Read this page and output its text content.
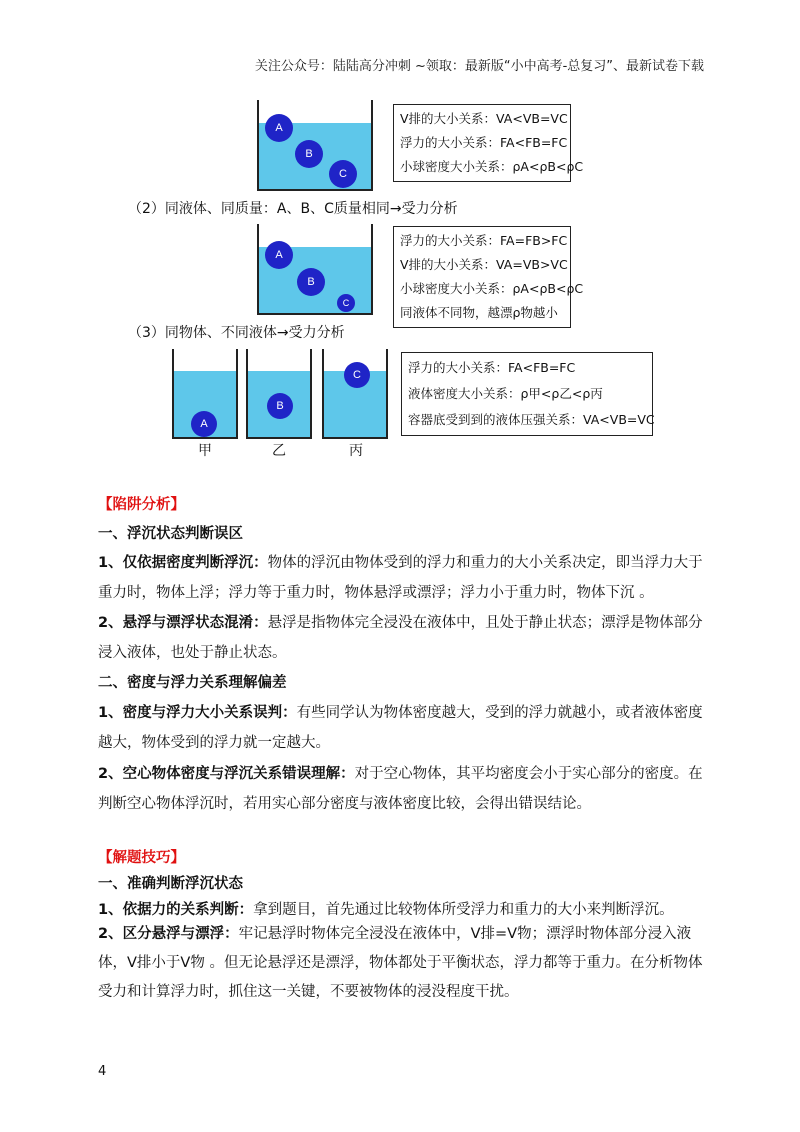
关注公众号：陆陆高分冲刺 ~领取：最新版“小中高考-总复习”、最新试卷下载
A
B
C
V排的大小关系：VA<VB=VC
浮力的大小关系：FA<FB=FC
小球密度大小关系：ρA<ρB<ρC
（2）同液体、同质量：A、B、C质量相同→受力分析
A
B
C
浮力的大小关系：FA=FB>FC
V排的大小关系：VA=VB>VC
小球密度大小关系：ρA<ρB<ρC
同液体不同物，越漂ρ物越小
（3）同物体、不同液体→受力分析
A
B
C
甲	乙	丙
浮力的大小关系：FA<FB=FC
液体密度大小关系：ρ甲<ρ乙<ρ丙
容器底受到到的液体压强关系：VA<VB=VC
【陷阱分析】
一、浮沉状态判断误区
1、仅依据密度判断浮沉：物体的浮沉由物体受到的浮力和重力的大小关系决定，即当浮力大于重力时，物体上浮；浮力等于重力时，物体悬浮或漂浮；浮力小于重力时，物体下沉 。
2、悬浮与漂浮状态混淆：悬浮是指物体完全浸没在液体中，且处于静止状态；漂浮是物体部分浸入液体，也处于静止状态。
二、密度与浮力关系理解偏差
1、密度与浮力大小关系误判：有些同学认为物体密度越大，受到的浮力就越小，或者液体密度越大，物体受到的浮力就一定越大。
2、空心物体密度与浮沉关系错误理解：对于空心物体，其平均密度会小于实心部分的密度。在判断空心物体浮沉时，若用实心部分密度与液体密度比较，会得出错误结论。
【解题技巧】
一、准确判断浮沉状态
1、依据力的关系判断：拿到题目，首先通过比较物体所受浮力和重力的大小来判断浮沉。
2、区分悬浮与漂浮：牢记悬浮时物体完全浸没在液体中，V排=V物；漂浮时物体部分浸入液体，V排小于V物 。但无论悬浮还是漂浮，物体都处于平衡状态，浮力都等于重力。在分析物体受力和计算浮力时，抓住这一关键，不要被物体的浸没程度干扰。
4
